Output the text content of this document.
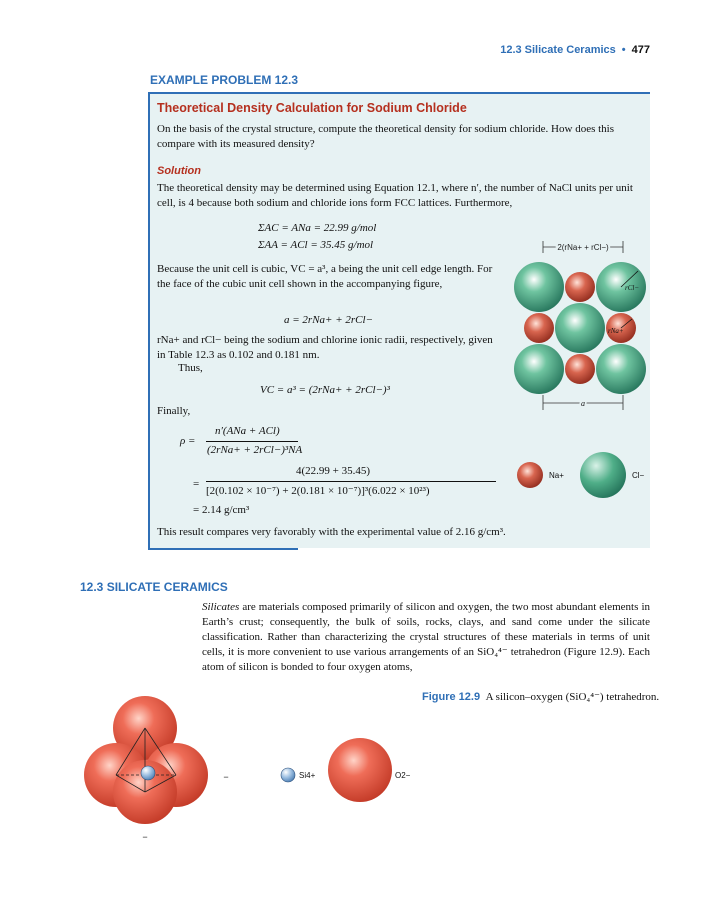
12.3 Silicate Ceramics • 477
EXAMPLE PROBLEM 12.3
Theoretical Density Calculation for Sodium Chloride
On the basis of the crystal structure, compute the theoretical density for sodium chloride. How does this compare with its measured density?
Solution
The theoretical density may be determined using Equation 12.1, where n′, the number of NaCl units per unit cell, is 4 because both sodium and chloride ions form FCC lattices. Furthermore,
ΣAC = ANa = 22.99 g/mol
ΣAA = ACl = 35.45 g/mol
Because the unit cell is cubic, VC = a³, a being the unit cell edge length. For the face of the cubic unit cell shown in the accompanying figure,
a = 2rNa+ + 2rCl−
rNa+ and rCl− being the sodium and chlorine ionic radii, respectively, given in Table 12.3 as 0.102 and 0.181 nm.
Thus,
VC = a³ = (2rNa+ + 2rCl−)³
Finally,
ρ =
n′(ANa + ACl)
(2rNa+ + 2rCl−)³NA
=
4(22.99 + 35.45)
[2(0.102 × 10⁻⁷) + 2(0.181 × 10⁻⁷)]³(6.022 × 10²³)
= 2.14 g/cm³
This result compares very favorably with the experimental value of 2.16 g/cm³.
2(rNa+ + rCl−)
rCl−
rNa+
a
Na+	Cl−
12.3 SILICATE CERAMICS
Silicates are materials composed primarily of silicon and oxygen, the two most abundant elements in Earth’s crust; consequently, the bulk of soils, rocks, clays, and sand come under the silicate classification. Rather than characterizing the crystal structures of these materials in terms of unit cells, it is more convenient to use various arrangements of an SiO₄⁴⁻ tetrahedron (Figure 12.9). Each atom of silicon is bonded to four oxygen atoms,
Figure 12.9 A silicon–oxygen (SiO₄⁴⁻) tetrahedron.
−
−
Si4+	O2−
